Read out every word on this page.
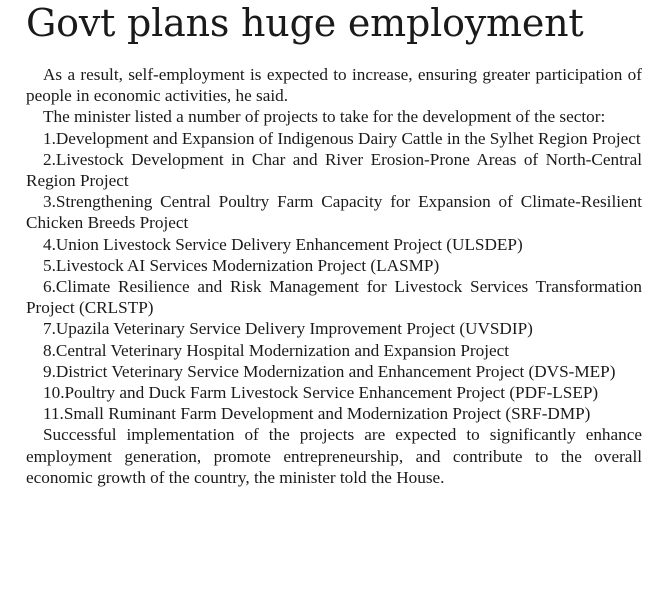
Govt plans huge employment

As a result, self-employment is expected to increase, ensuring greater participation of people in economic activities, he said.

The minister listed a number of projects to take for the development of the sector:

1.Development and Expansion of Indigenous Dairy Cattle in the Sylhet Region Project

2.Livestock Development in Char and River Erosion-Prone Areas of North-Central Region Project

3.Strengthening Central Poultry Farm Capacity for Expansion of Climate-Resilient Chicken Breeds Project

4.Union Livestock Service Delivery Enhancement Project (ULSDEP)

5.Livestock AI Services Modernization Project (LASMP)

6.Climate Resilience and Risk Management for Livestock Services Transformation Project (CRLSTP)

7.Upazila Veterinary Service Delivery Improvement Project (UVSDIP)

8.Central Veterinary Hospital Modernization and Expansion Project

9.District Veterinary Service Modernization and Enhancement Project (DVS-MEP)

10.Poultry and Duck Farm Livestock Service Enhancement Project (PDF-LSEP)

11.Small Ruminant Farm Development and Modernization Project (SRF-DMP)

Successful implementation of the projects are expected to significantly enhance employment generation, promote entrepreneurship, and contribute to the overall economic growth of the country, the minister told the House.
